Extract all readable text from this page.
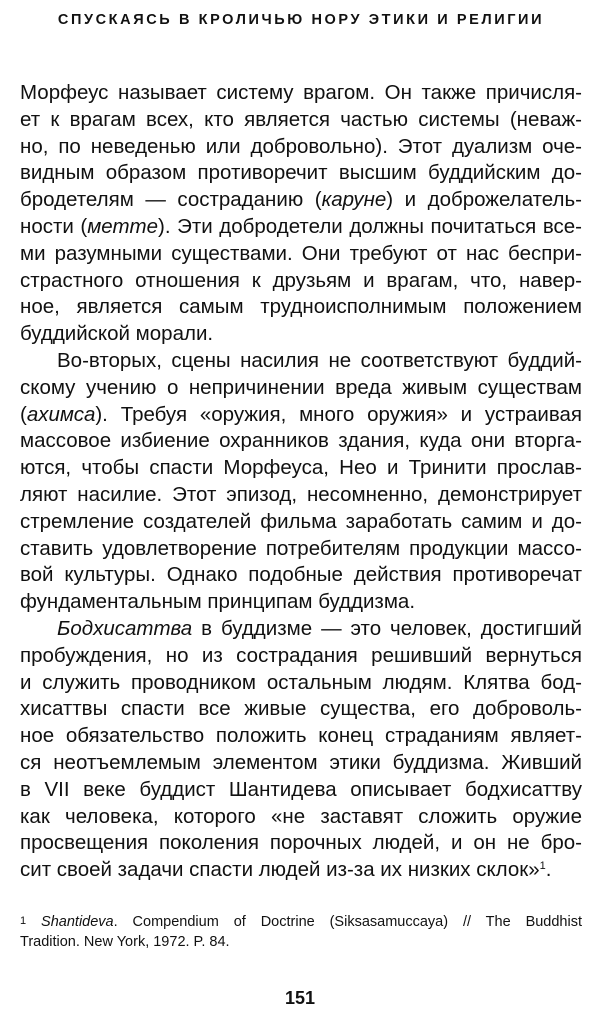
СПУСКАЯСЬ В КРОЛИЧЬЮ НОРУ ЭТИКИ И РЕЛИГИИ
Морфеус называет систему врагом. Он также причисля-
ет к врагам всех, кто является частью системы (неваж-
но, по неведенью или добровольно). Этот дуализм оче-
видным образом противоречит высшим буддийским до-
бродетелям — состраданию (каруне) и доброжелатель-
ности (метте). Эти добродетели должны почитаться все-
ми разумными существами. Они требуют от нас беспри-
страстного отношения к друзьям и врагам, что, навер-
ное, является самым трудноисполнимым положением
буддийской морали.
Во-вторых, сцены насилия не соответствуют буддий-
скому учению о непричинении вреда живым существам
(ахимса). Требуя «оружия, много оружия» и устраивая
массовое избиение охранников здания, куда они вторга-
ются, чтобы спасти Морфеуса, Нео и Тринити прослав-
ляют насилие. Этот эпизод, несомненно, демонстрирует
стремление создателей фильма заработать самим и до-
ставить удовлетворение потребителям продукции массо-
вой культуры. Однако подобные действия противоречат
фундаментальным принципам буддизма.
Бодхисаттва в буддизме — это человек, достигший
пробуждения, но из сострадания решивший вернуться
и служить проводником остальным людям. Клятва бод-
хисаттвы спасти все живые существа, его доброволь-
ное обязательство положить конец страданиям являет-
ся неотъемлемым элементом этики буддизма. Живший
в VII веке буддист Шантидева описывает бодхисаттву
как человека, которого «не заставят сложить оружие
просвещения поколения порочных людей, и он не бро-
сит своей задачи спасти людей из-за их низких склок»$^1$.
$^1$ Shantideva. Compendium of Doctrine (Siksasamuccaya) // The Buddhist
Tradition. New York, 1972. P. 84.
151
